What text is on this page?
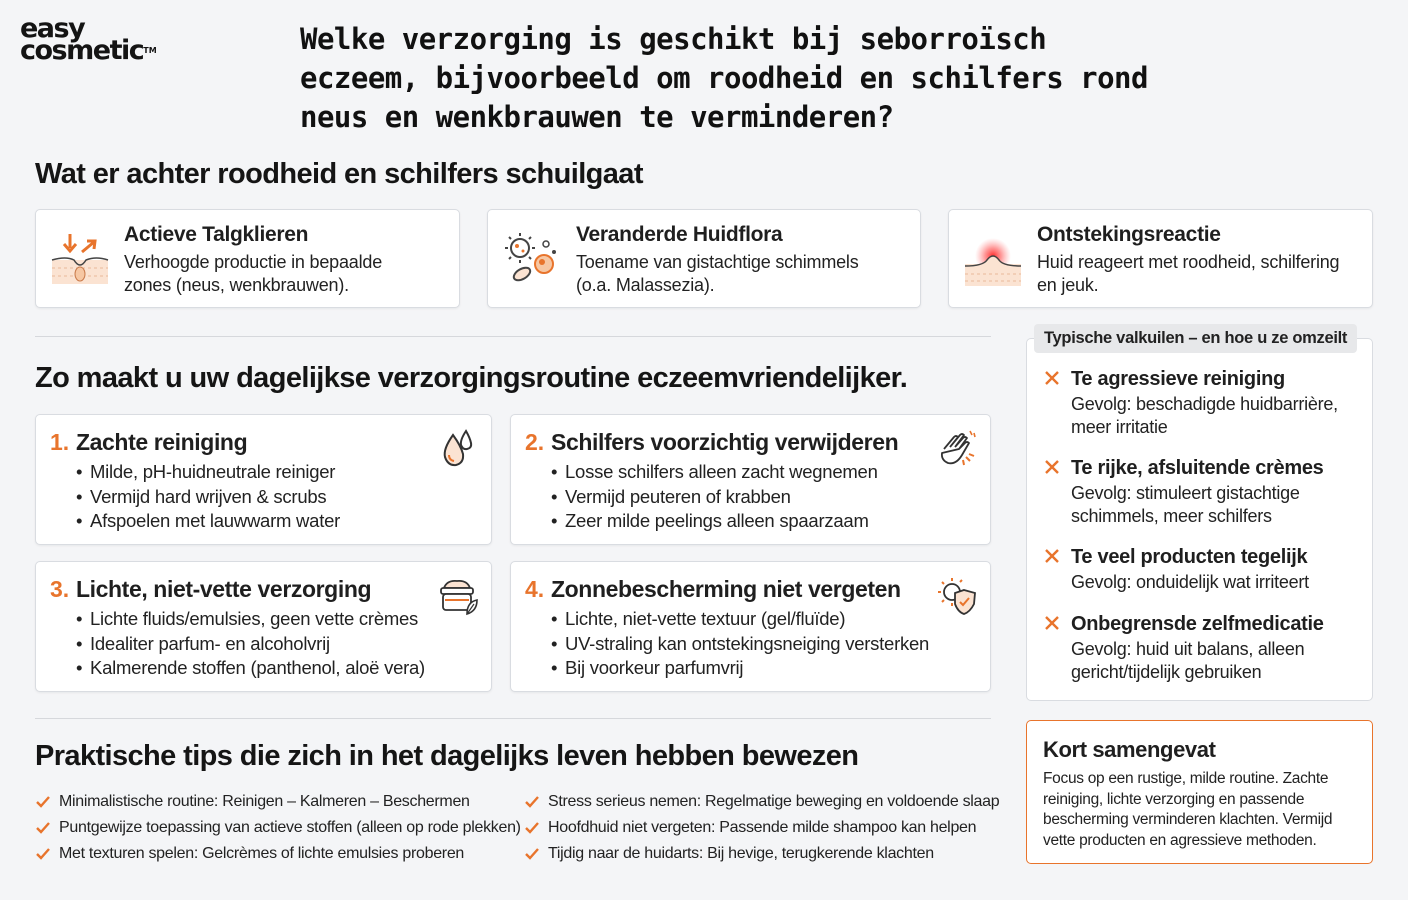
easy
cosmetic™	Welke verzorging is geschikt bij seborroïsch eczeem, bijvoorbeeld om roodheid en schilfers rond neus en wenkbrauwen te verminderen?
Wat er achter roodheid en schilfers schuilgaat
Actieve Talgklieren
Verhoogde productie in bepaalde zones (neus, wenkbrauwen).
Veranderde Huidflora
Toename van gistachtige schimmels (o.a. Malassezia).
Ontstekingsreactie
Huid reageert met roodheid, schilfering en jeuk.
Zo maakt u uw dagelijkse verzorgingsroutine eczeemvriendelijker.
1. Zachte reiniging
• Milde, pH-huidneutrale reiniger
• Vermijd hard wrijven & scrubs
• Afspoelen met lauwwarm water
2. Schilfers voorzichtig verwijderen
• Losse schilfers alleen zacht wegnemen
• Vermijd peuteren of krabben
• Zeer milde peelings alleen spaarzaam
3. Lichte, niet-vette verzorging
• Lichte fluids/emulsies, geen vette crèmes
• Idealiter parfum- en alcoholvrij
• Kalmerende stoffen (panthenol, aloë vera)
4. Zonnebescherming niet vergeten
• Lichte, niet-vette textuur (gel/fluïde)
• UV-straling kan ontstekingsneiging versterken
• Bij voorkeur parfumvrij
Praktische tips die zich in het dagelijks leven hebben bewezen
Minimalistische routine: Reinigen – Kalmeren – Beschermen
Puntgewijze toepassing van actieve stoffen (alleen op rode plekken)
Met texturen spelen: Gelcrèmes of lichte emulsies proberen
Stress serieus nemen: Regelmatige beweging en voldoende slaap
Hoofdhuid niet vergeten: Passende milde shampoo kan helpen
Tijdig naar de huidarts: Bij hevige, terugkerende klachten
Typische valkuilen – en hoe u ze omzeilt
Te agressieve reiniging
Gevolg: beschadigde huidbarrière, meer irritatie
Te rijke, afsluitende crèmes
Gevolg: stimuleert gistachtige schimmels, meer schilfers
Te veel producten tegelijk
Gevolg: onduidelijk wat irriteert
Onbegrensde zelfmedicatie
Gevolg: huid uit balans, alleen gericht/tijdelijk gebruiken
Kort samengevat
Focus op een rustige, milde routine. Zachte reiniging, lichte verzorging en passende bescherming verminderen klachten. Vermijd vette producten en agressieve methoden.
